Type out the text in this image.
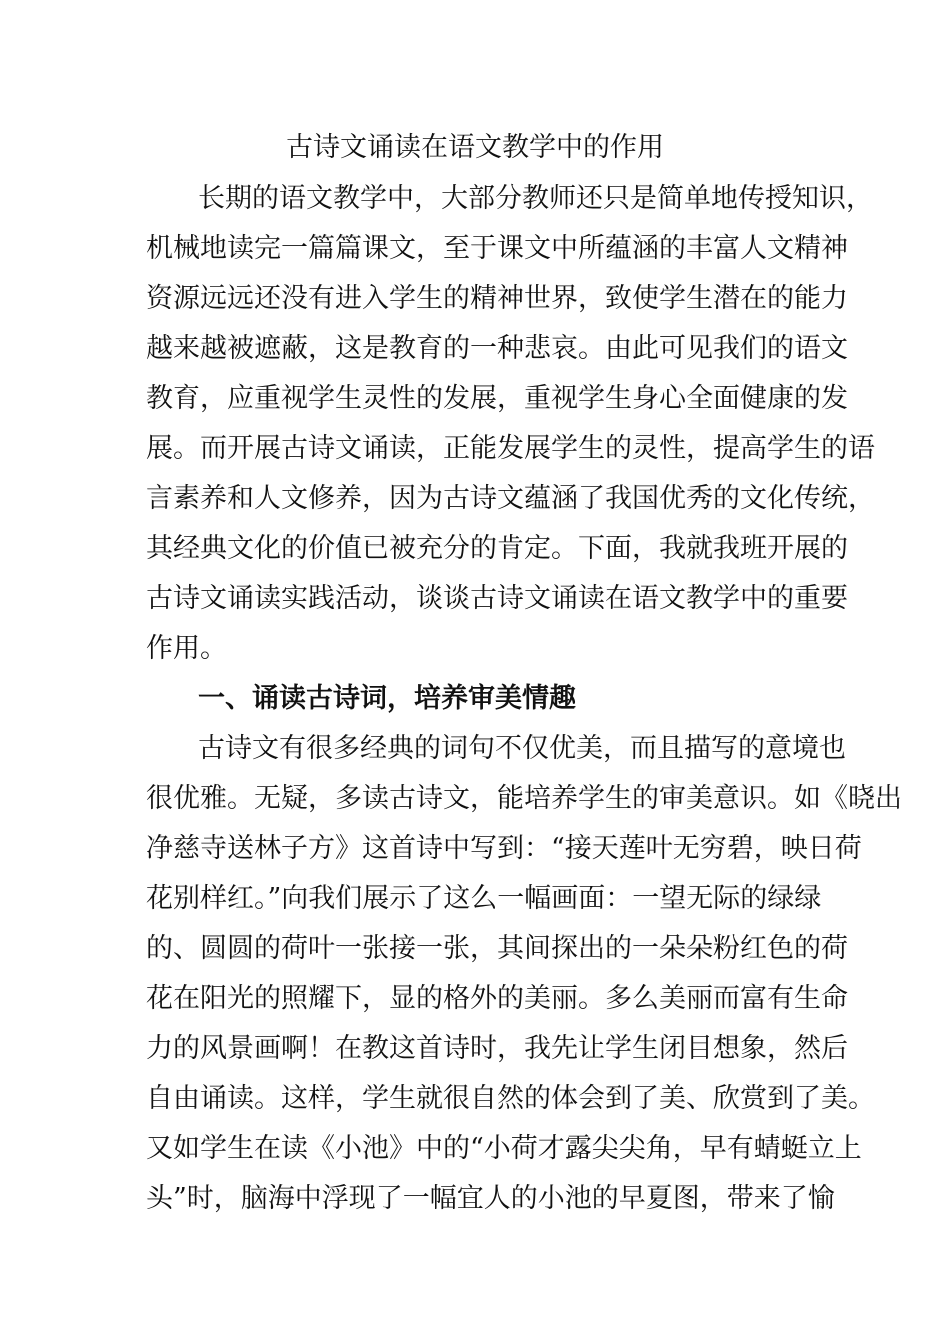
古诗文诵读在语文教学中的作用
长期的语文教学中，大部分教师还只是简单地传授知识，
机械地读完一篇篇课文，至于课文中所蕴涵的丰富人文精神
资源远远还没有进入学生的精神世界，致使学生潜在的能力
越来越被遮蔽，这是教育的一种悲哀。由此可见我们的语文
教育，应重视学生灵性的发展，重视学生身心全面健康的发
展。而开展古诗文诵读，正能发展学生的灵性，提高学生的语
言素养和人文修养，因为古诗文蕴涵了我国优秀的文化传统，
其经典文化的价值已被充分的肯定。下面，我就我班开展的
古诗文诵读实践活动，谈谈古诗文诵读在语文教学中的重要
作用。
一、诵读古诗词，培养审美情趣
古诗文有很多经典的词句不仅优美，而且描写的意境也
很优雅。无疑，多读古诗文，能培养学生的审美意识。如《晓出
净慈寺送林子方》这首诗中写到：“接天莲叶无穷碧，映日荷
花别样红。”向我们展示了这么一幅画面：一望无际的绿绿
的、圆圆的荷叶一张接一张，其间探出的一朵朵粉红色的荷
花在阳光的照耀下，显的格外的美丽。多么美丽而富有生命
力的风景画啊！在教这首诗时，我先让学生闭目想象，然后
自由诵读。这样，学生就很自然的体会到了美、欣赏到了美。
又如学生在读《小池》中的“小荷才露尖尖角，早有蜻蜓立上
头”时，脑海中浮现了一幅宜人的小池的早夏图，带来了愉
